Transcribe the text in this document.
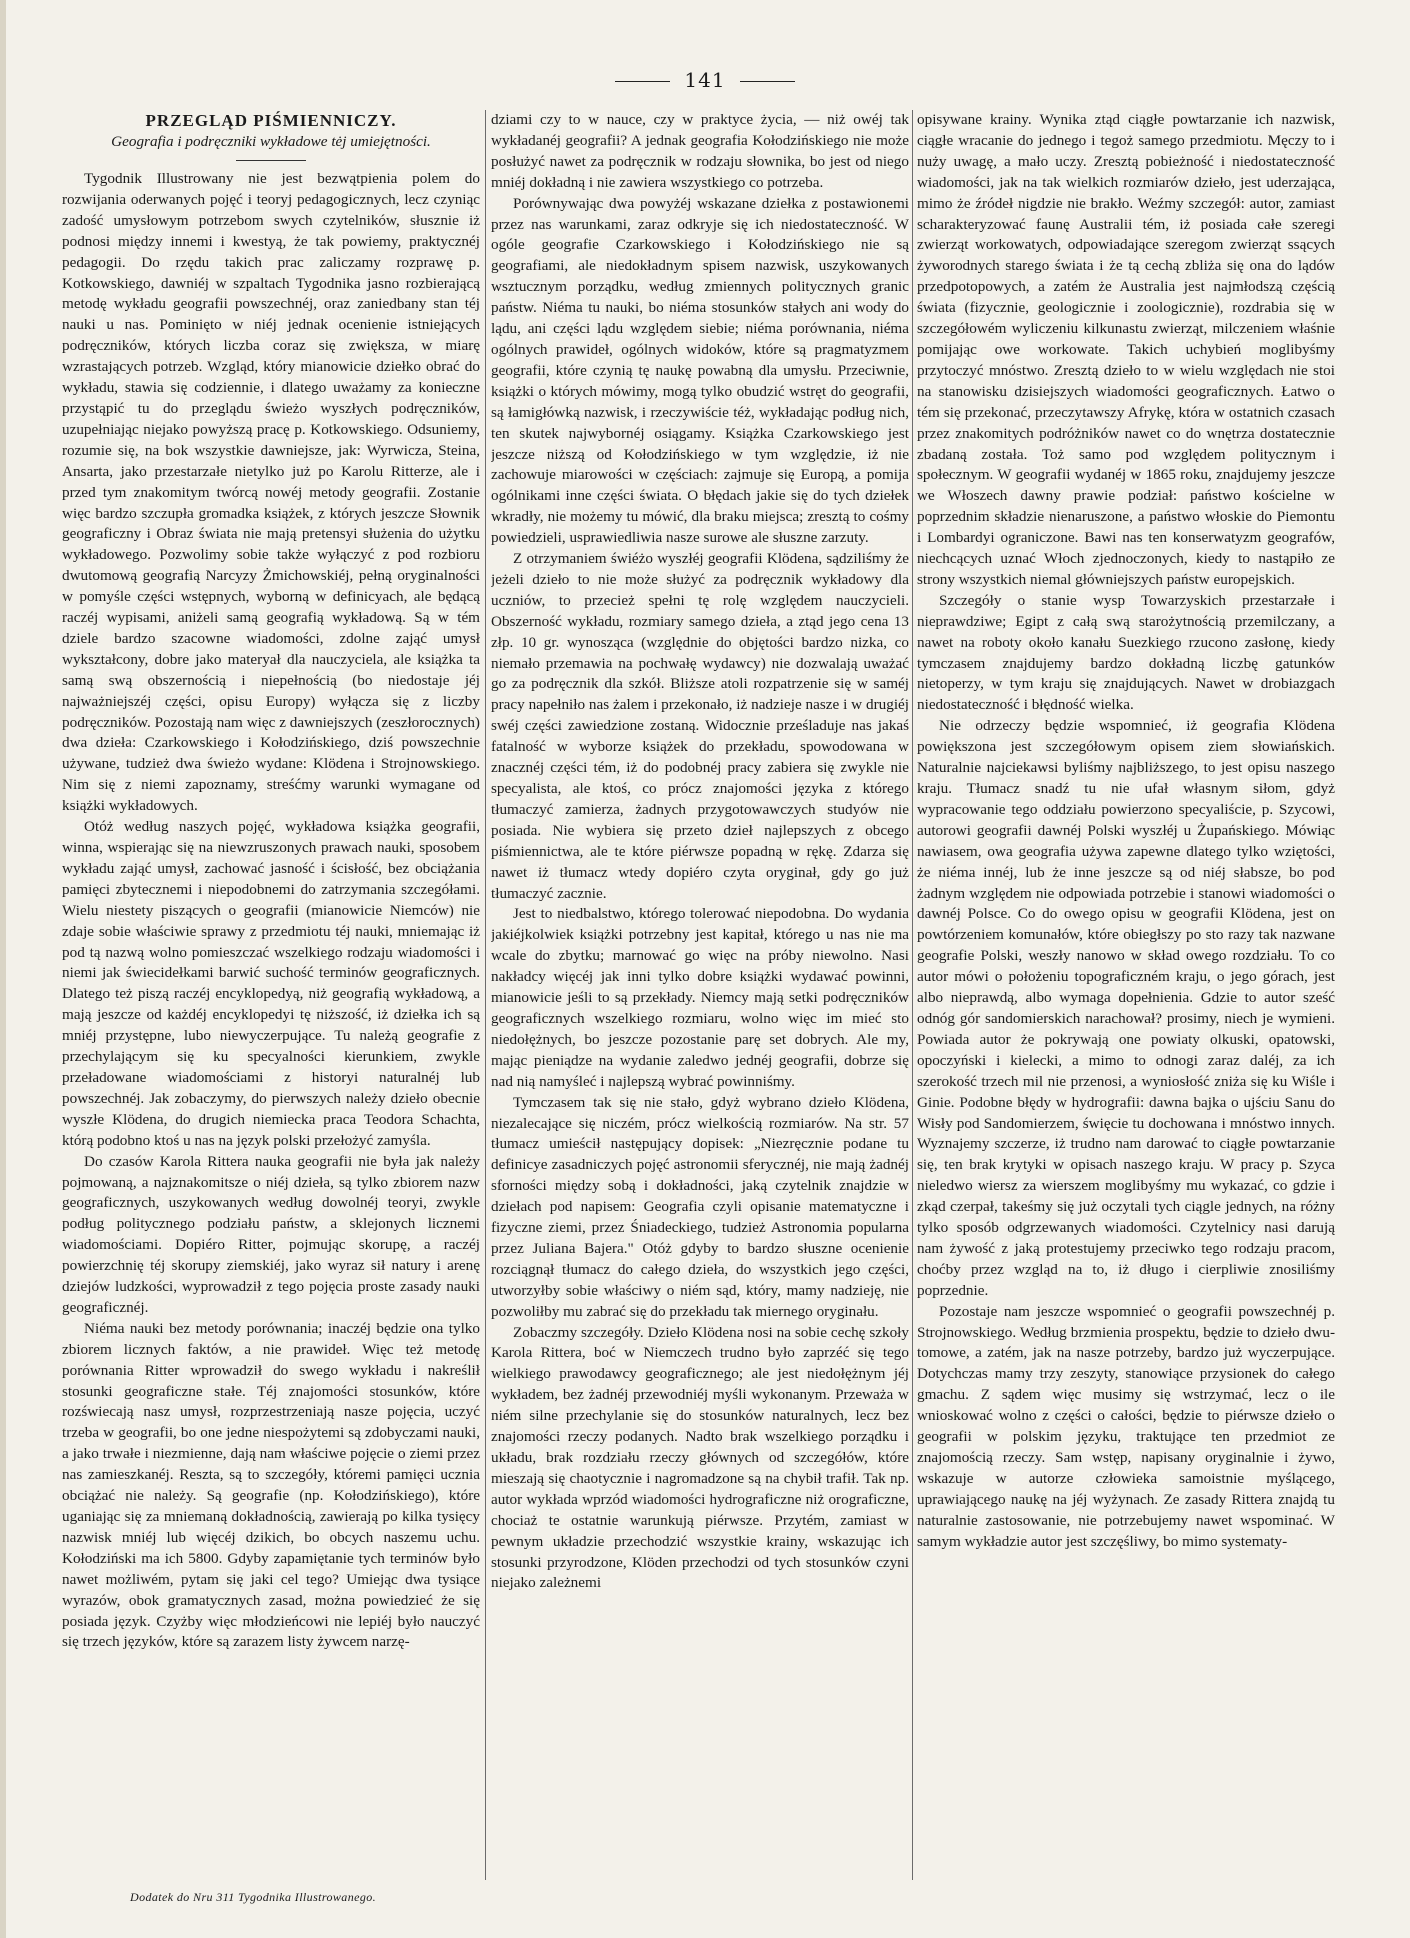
141
PRZEGLĄD PIŚMIENNICZY.

Geografia i podręczniki wykładowe tėj umiejętności.

Tygodnik Illustrowany nie jest bezwątpienia polem do rozwijania oderwanych pojęć i teoryj pedagogicznych, lecz czyniąc zadość umysłowym potrzebom swych czytelników, słusznie iż podnosi między innemi i kwestyą, że tak powiemy, praktycznéj pedagogii. Do rzędu takich prac zaliczamy rozprawę p. Kotkowskiego, dawniéj w szpaltach Tygodnika jasno rozbierającą metodę wykładu geografii powszechnéj, oraz zaniedbany stan téj nauki u nas. Pominięto w niéj jednak ocenienie istniejących podręczników, których liczba coraz się zwiększa, w miarę wzrastających potrzeb. Wzgląd, który mianowicie dziełko obrać do wykładu, stawia się codziennie, i dlatego uważamy za konieczne przystąpić tu do przeglądu świeżo wyszłych podręczników, uzupełniając niejako powyższą pracę p. Kotkowskiego. Odsuniemy, rozumie się, na bok wszystkie dawniejsze, jak: Wyrwicza, Steina, Ansarta, jako przestarzałe nietylko już po Karolu Ritterze, ale i przed tym znakomitym twórcą nowéj metody geografii. Zostanie więc bardzo szczupła gromadka książek, z których jeszcze Słownik geograficzny i Obraz świata nie mają pretensyi służenia do użytku wykładowego. Pozwolimy sobie także wyłączyć z pod rozbioru dwutomową geografią Narcyzy Żmichowskiéj, pełną oryginalności w pomyśle części wstępnych, wyborną w definicyach, ale będącą raczéj wypisami, aniżeli samą geografią wykładową. Są w tém dziele bardzo szacowne wiadomości, zdolne zająć umysł wykształcony, dobre jako materyał dla nauczyciela, ale książka ta samą swą obszernością i niepełnością (bo niedostaje jéj najważniejszéj części, opisu Europy) wyłącza się z liczby podręczników. Pozostają nam więc z dawniejszych (zeszłorocznych) dwa dzieła: Czarkowskiego i Kołodzińskiego, dziś powszechnie używane, tudzież dwa świeżo wydane: Klödena i Strojnowskiego. Nim się z niemi zapoznamy, streśćmy warunki wymagane od książki wykładowych.

Otóż według naszych pojęć, wykładowa książka geografii, winna, wspierając się na niewzruszonych prawach nauki, sposobem wykładu zająć umysł, zachować jasność i ścisłość, bez obciążania pamięci zbytecznemi i niepodobnemi do zatrzymania szczegółami. Wielu niestety piszących o geografii (mianowicie Niemców) nie zdaje sobie właściwie sprawy z przedmiotu téj nauki, mniemając iż pod tą nazwą wolno pomieszczać wszelkiego rodzaju wiadomości i niemi jak świecidełkami barwić suchość terminów geograficznych. Dlatego też piszą raczéj encyklopedyą, niż geografią wykładową, a mają jeszcze od każdéj encyklopedyi tę niższość, iż dziełka ich są mniéj przystępne, lubo niewyczerpujące. Tu należą geografie z przechylającym się ku specyalności kierunkiem, zwykle przeładowane wiadomościami z historyi naturalnéj lub powszechnéj. Jak zobaczymy, do pierwszych należy dzieło obecnie wyszłe Klödena, do drugich niemiecka praca Teodora Schachta, którą podobno ktoś u nas na język polski przełożyć zamyśla.

Do czasów Karola Rittera nauka geografii nie była jak należy pojmowaną, a najznakomitsze o niéj dzieła, są tylko zbiorem nazw geograficznych, uszykowanych według dowolnéj teoryi, zwykle podług politycznego podziału państw, a sklejonych licznemi wiadomościami. Dopiéro Ritter, pojmując skorupę, a raczéj powierzchnię téj skorupy ziemskiéj, jako wyraz sił natury i arenę dziejów ludzkości, wyprowadził z tego pojęcia proste zasady nauki geograficznéj.

Niéma nauki bez metody porównania; inaczéj będzie ona tylko zbiorem licznych faktów, a nie prawideł. Więc też metodę porównania Ritter wprowadził do swego wykładu i nakreślił stosunki geograficzne stałe. Téj znajomości stosunków, które rozświecają nasz umysł, rozprzestrzeniają nasze pojęcia, uczyć trzeba w geografii, bo one jedne niespożytemi są zdobyczami nauki, a jako trwałe i niezmienne, dają nam właściwe pojęcie o ziemi przez nas zamieszkanéj. Reszta, są to szczegóły, któremi pamięci ucznia obciążać nie należy. Są geografie (np. Kołodzińskiego), które uganiając się za mniemaną dokładnością, zawierają po kilka tysięcy nazwisk mniéj lub więcéj dzikich, bo obcych naszemu uchu. Kołodziński ma ich 5800. Gdyby zapamiętanie tych terminów było nawet możliwém, pytam się jaki cel tego? Umiejąc dwa tysiące wyrazów, obok gramatycznych zasad, można powiedzieć że się posiada język. Czyżby więc młodzieńcowi nie lepiéj było nauczyć się trzech języków, które są zarazem listy żywcem narzę-

dziami czy to w nauce, czy w praktyce życia, — niż owéj tak wykładanéj geografii? A jednak geografia Kołodzińskiego nie może posłużyć nawet za podręcznik w rodzaju słownika, bo jest od niego mniéj dokładną i nie zawiera wszystkiego co potrzeba.

Porównywając dwa powyżéj wskazane dziełka z postawionemi przez nas warunkami, zaraz odkryje się ich niedostateczność. W ogóle geografie Czarkowskiego i Kołodzińskiego nie są geografiami, ale niedokładnym spisem nazwisk, uszykowanych wsztucznym porządku, według zmiennych politycznych granic państw. Niéma tu nauki, bo niéma stosunków stałych ani wody do lądu, ani części lądu względem siebie; niéma porównania, niéma ogólnych prawideł, ogólnych widoków, które są pragmatyzmem geografii, które czynią tę naukę powabną dla umysłu. Przeciwnie, książki o których mówimy, mogą tylko obudzić wstręt do geografii, są łamigłówką nazwisk, i rzeczywiście téż, wykładając podług nich, ten skutek najwybornéj osiągamy. Książka Czarkowskiego jest jeszcze niższą od Kołodzińskiego w tym względzie, iż nie zachowuje miarowości w częściach: zajmuje się Europą, a pomija ogólnikami inne części świata. O błędach jakie się do tych dziełek wkradły, nie możemy tu mówić, dla braku miejsca; zresztą to cośmy powiedzieli, usprawiedliwia nasze surowe ale słuszne zarzuty.

Z otrzymaniem świéżo wyszłéj geografii Klödena, sądziliśmy że jeżeli dzieło to nie może służyć za podręcznik wykładowy dla uczniów, to przecież spełni tę rolę względem nauczycieli. Obszerność wykładu, rozmiary samego dzieła, a ztąd jego cena 13 złp. 10 gr. wynosząca (względnie do objętości bardzo nizka, co niemało przemawia na pochwałę wydawcy) nie dozwalają uważać go za podręcznik dla szkół. Bliższe atoli rozpatrzenie się w saméj pracy napełniło nas żalem i przekonało, iż nadzieje nasze i w drugiéj swéj części zawiedzione zostaną. Widocznie prześladuje nas jakaś fatalność w wyborze książek do przekładu, spowodowana w znacznéj części tém, iż do podobnéj pracy zabiera się zwykle nie specyalista, ale ktoś, co prócz znajomości języka z którego tłumaczyć zamierza, żadnych przygotowawczych studyów nie posiada. Nie wybiera się przeto dzieł najlepszych z obcego piśmiennictwa, ale te które piérwsze popadną w rękę. Zdarza się nawet iż tłumacz wtedy dopiéro czyta oryginał, gdy go już tłumaczyć zacznie.

Jest to niedbalstwo, którego tolerować niepodobna. Do wydania jakiéjkolwiek książki potrzebny jest kapitał, którego u nas nie ma wcale do zbytku; marnować go więc na próby niewolno. Nasi nakładcy więcéj jak inni tylko dobre książki wydawać powinni, mianowicie jeśli to są przekłady. Niemcy mają setki podręczników geograficznych wszelkiego rozmiaru, wolno więc im mieć sto niedołężnych, bo jeszcze pozostanie parę set dobrych. Ale my, mając pieniądze na wydanie zaledwo jednéj geografii, dobrze się nad nią namyśleć i najlepszą wybrać powinniśmy.

Tymczasem tak się nie stało, gdyż wybrano dzieło Klödena, niezalecające się niczém, prócz wielkością rozmiarów. Na str. 57 tłumacz umieścił następujący dopisek: „Niezręcznie podane tu definicye zasadniczych pojęć astronomii sferycznéj, nie mają żadnéj sforności między sobą i dokładności, jaką czytelnik znajdzie w dziełach pod napisem: Geografia czyli opisanie matematyczne i fizyczne ziemi, przez Śniadeckiego, tudzież Astronomia popularna przez Juliana Bajera." Otóż gdyby to bardzo słuszne ocenienie rozciągnął tłumacz do całego dzieła, do wszystkich jego części, utworzyłby sobie właściwy o niém sąd, który, mamy nadzieję, nie pozwoliłby mu zabrać się do przekładu tak miernego oryginału.

Zobaczmy szczegóły. Dzieło Klödena nosi na sobie cechę szkoły Karola Rittera, boć w Niemczech trudno było zaprzéć się tego wielkiego prawodawcy geograficznego; ale jest niedołężnym jéj wykładem, bez żadnéj przewodniéj myśli wykonanym. Przeważa w niém silne przechylanie się do stosunków naturalnych, lecz bez znajomości rzeczy podanych. Nadto brak wszelkiego porządku i układu, brak rozdziału rzeczy głównych od szczegółów, które mieszają się chaotycznie i nagromadzone są na chybił trafił. Tak np. autor wykłada wprzód wiadomości hydrograficzne niż orograficzne, chociaż te ostatnie warunkują piérwsze. Przytém, zamiast w pewnym układzie przechodzić wszystkie krainy, wskazując ich stosunki przyrodzone, Klöden przechodzi od tych stosunków czyni niejako zależnemi

opisywane krainy. Wynika ztąd ciągłe powtarzanie ich nazwisk, ciągłe wracanie do jednego i tegoż samego przedmiotu. Męczy to i nuży uwagę, a mało uczy. Zresztą pobieżność i niedostateczność wiadomości, jak na tak wielkich rozmiarów dzieło, jest uderzająca, mimo że źródeł nigdzie nie brakło. Weźmy szczegół: autor, zamiast scharakteryzować faunę Australii tém, iż posiada całe szeregi zwierząt workowatych, odpowiadające szeregom zwierząt ssących żyworodnych starego świata i że tą cechą zbliża się ona do lądów przedpotopowych, a zatém że Australia jest najmłodszą częścią świata (fizycznie, geologicznie i zoologicznie), rozdrabia się w szczegółowém wyliczeniu kilkunastu zwierząt, milczeniem właśnie pomijając owe workowate. Takich uchybień moglibyśmy przytoczyć mnóstwo. Zresztą dzieło to w wielu względach nie stoi na stanowisku dzisiejszych wiadomości geograficznych. Łatwo o tém się przekonać, przeczytawszy Afrykę, która w ostatnich czasach przez znakomitych podróżników nawet co do wnętrza dostatecznie zbadaną została. Toż samo pod względem politycznym i społecznym. W geografii wydanéj w 1865 roku, znajdujemy jeszcze we Włoszech dawny prawie podział: państwo kościelne w poprzednim składzie nienaruszone, a państwo włoskie do Piemontu i Lombardyi ograniczone. Bawi nas ten konserwatyzm geografów, niechcących uznać Włoch zjednoczonych, kiedy to nastąpiło ze strony wszystkich niemal główniejszych państw europejskich.

Szczegóły o stanie wysp Towarzyskich przestarzałe i nieprawdziwe; Egipt z całą swą starożytnością przemilczany, a nawet na roboty około kanału Suezkiego rzucono zasłonę, kiedy tymczasem znajdujemy bardzo dokładną liczbę gatunków nietoperzy, w tym kraju się znajdujących. Nawet w drobiazgach niedostateczność i błędność wielka.

Nie odrzeczy będzie wspomnieć, iż geografia Klödena powiększona jest szczegółowym opisem ziem słowiańskich. Naturalnie najciekawsi byliśmy najbliższego, to jest opisu naszego kraju. Tłumacz snadź tu nie ufał własnym siłom, gdyż wypracowanie tego oddziału powierzono specyaliście, p. Szycowi, autorowi geografii dawnéj Polski wyszłéj u Żupańskiego. Mówiąc nawiasem, owa geografia używa zapewne dlatego tylko wziętości, że niéma innéj, lub że inne jeszcze są od niéj słabsze, bo pod żadnym względem nie odpowiada potrzebie i stanowi wiadomości o dawnéj Polsce. Co do owego opisu w geografii Klödena, jest on powtórzeniem komunałów, które obiegłszy po sto razy tak nazwane geografie Polski, weszły nanowo w skład owego rozdziału. To co autor mówi o położeniu topograficzném kraju, o jego górach, jest albo nieprawdą, albo wymaga dopełnienia. Gdzie to autor sześć odnóg gór sandomierskich narachował? prosimy, niech je wymieni. Powiada autor że pokrywają one powiaty olkuski, opatowski, opoczyński i kielecki, a mimo to odnogi zaraz daléj, za ich szerokość trzech mil nie przenosi, a wyniosłość zniża się ku Wiśle i Ginie. Podobne błędy w hydrografii: dawna bajka o ujściu Sanu do Wisły pod Sandomierzem, święcie tu dochowana i mnóstwo innych. Wyznajemy szczerze, iż trudno nam darować to ciągłe powtarzanie się, ten brak krytyki w opisach naszego kraju. W pracy p. Szyca nieledwo wiersz za wierszem moglibyśmy mu wykazać, co gdzie i zkąd czerpał, takeśmy się już oczytali tych ciągle jednych, na różny tylko sposób odgrzewanych wiadomości. Czytelnicy nasi darują nam żywość z jaką protestujemy przeciwko tego rodzaju pracom, choćby przez wzgląd na to, iż długo i cierpliwie znosiliśmy poprzednie.

Pozostaje nam jeszcze wspomnieć o geografii powszechnéj p. Strojnowskiego. Według brzmienia prospektu, będzie to dzieło dwu-tomowe, a zatém, jak na nasze potrzeby, bardzo już wyczerpujące. Dotychczas mamy trzy zeszyty, stanowiące przysionek do całego gmachu. Z sądem więc musimy się wstrzymać, lecz o ile wnioskować wolno z części o całości, będzie to piérwsze dzieło o geografii w polskim języku, traktujące ten przedmiot ze znajomością rzeczy. Sam wstęp, napisany oryginalnie i żywo, wskazuje w autorze człowieka samoistnie myślącego, uprawiającego naukę na jéj wyżynach. Ze zasady Rittera znajdą tu naturalnie zastosowanie, nie potrzebujemy nawet wspominać. W samym wykładzie autor jest szczęśliwy, bo mimo systematy-

Dodatek do Nru 311 Tygodnika Illustrowanego.
